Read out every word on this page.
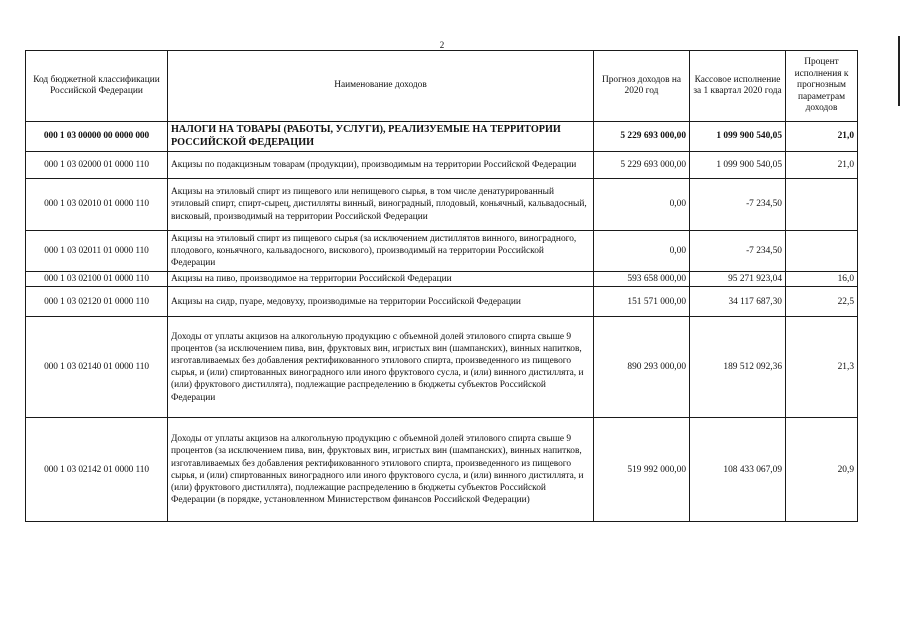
2
Код бюджетной классификации Российской Федерации	Наименование доходов	Прогноз доходов на 2020 год	Кассовое исполнение за 1 квартал 2020 года	Процент исполнения к прогнозным параметрам доходов
000 1 03 00000 00 0000 000	НАЛОГИ НА ТОВАРЫ (РАБОТЫ, УСЛУГИ), РЕАЛИЗУЕМЫЕ НА ТЕРРИТОРИИ РОССИЙСКОЙ ФЕДЕРАЦИИ	5 229 693 000,00	1 099 900 540,05	21,0
000 1 03 02000 01 0000 110	Акцизы по подакцизным товарам (продукции), производимым на территории Российской Федерации	5 229 693 000,00	1 099 900 540,05	21,0
000 1 03 02010 01 0000 110	Акцизы на этиловый спирт из пищевого или непищевого сырья, в том числе денатурированный этиловый спирт, спирт-сырец, дистилляты винный, виноградный, плодовый, коньячный, кальвадосный, висковый, производимый на территории Российской Федерации	0,00	-7 234,50	
000 1 03 02011 01 0000 110	Акцизы на этиловый спирт из пищевого сырья (за исключением дистиллятов винного, виноградного, плодового, коньячного, кальвадосного, вискового), производимый на территории Российской Федерации	0,00	-7 234,50	
000 1 03 02100 01 0000 110	Акцизы на пиво, производимое на территории Российской Федерации	593 658 000,00	95 271 923,04	16,0
000 1 03 02120 01 0000 110	Акцизы на сидр, пуаре, медовуху, производимые на территории Российской Федерации	151 571 000,00	34 117 687,30	22,5
000 1 03 02140 01 0000 110	Доходы от уплаты акцизов на алкогольную продукцию с объемной долей этилового спирта свыше 9 процентов (за исключением пива, вин, фруктовых вин, игристых вин (шампанских), винных напитков, изготавливаемых без добавления ректификованного этилового спирта, произведенного из пищевого сырья, и (или) спиртованных виноградного или иного фруктового сусла, и (или) винного дистиллята, и (или) фруктового дистиллята), подлежащие распределению в бюджеты субъектов Российской Федерации	890 293 000,00	189 512 092,36	21,3
000 1 03 02142 01 0000 110	Доходы от уплаты акцизов на алкогольную продукцию с объемной долей этилового спирта свыше 9 процентов (за исключением пива, вин, фруктовых вин, игристых вин (шампанских), винных напитков, изготавливаемых без добавления ректификованного этилового спирта, произведенного из пищевого сырья, и (или) спиртованных виноградного или иного фруктового сусла, и (или) винного дистиллята, и (или) фруктового дистиллята), подлежащие распределению в бюджеты субъектов Российской Федерации (в порядке, установленном Министерством финансов Российской Федерации)	519 992 000,00	108 433 067,09	20,9
